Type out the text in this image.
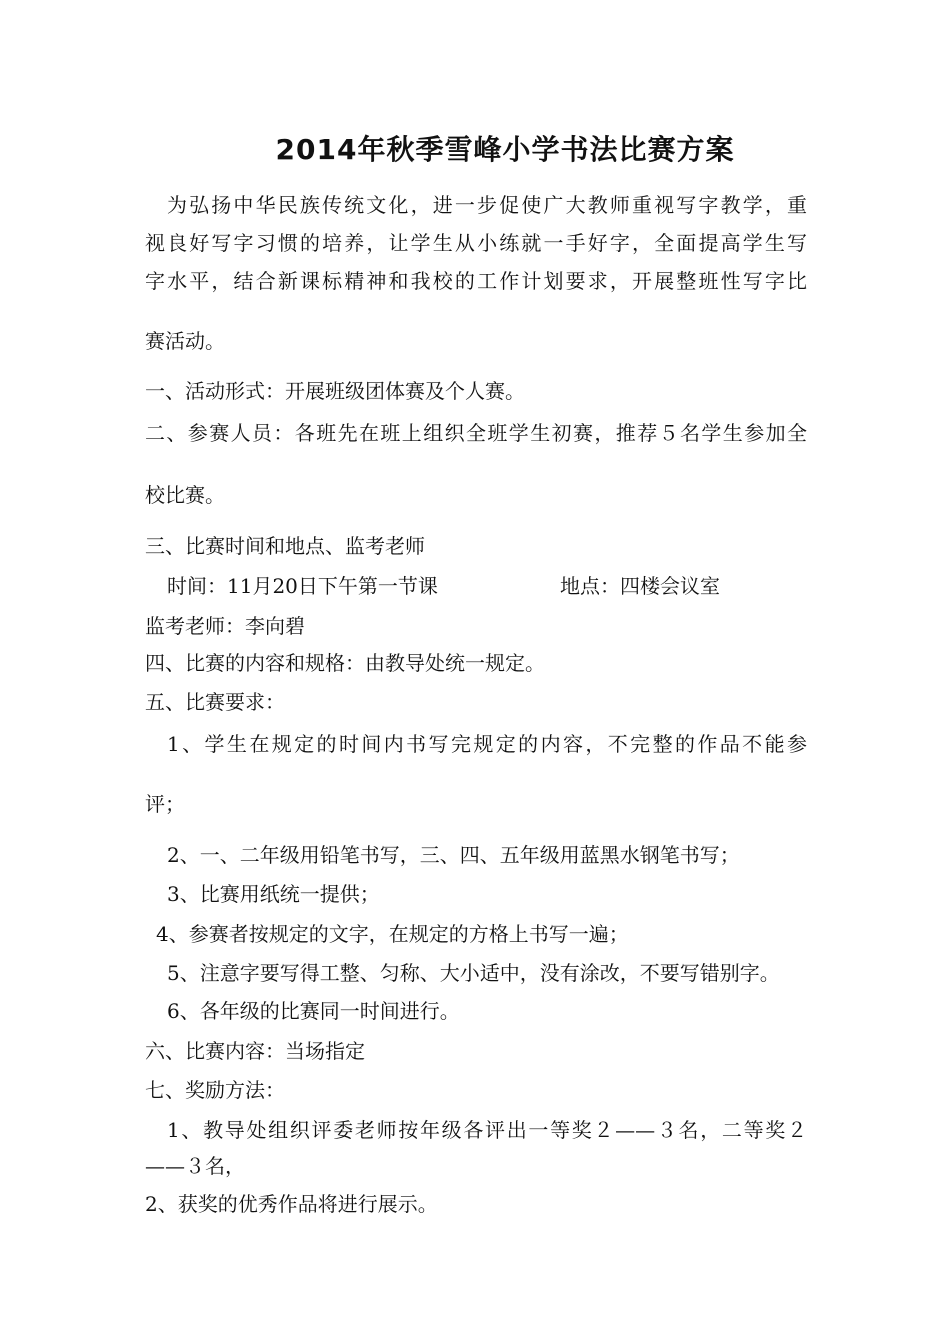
2014年秋季雪峰小学书法比赛方案

为弘扬中华民族传统文化，进一步促使广大教师重视写字教学，重

视良好写字习惯的培养，让学生从小练就一手好字，全面提高学生写

字水平，结合新课标精神和我校的工作计划要求，开展整班性写字比

赛活动。
一、活动形式：开展班级团体赛及个人赛。
二、参赛人员：各班先在班上组织全班学生初赛，推荐５名学生参加全
校比赛。
三、比赛时间和地点、监考老师
时间：11月20日下午第一节课	地点：四楼会议室
监考老师：李向碧
四、比赛的内容和规格：由教导处统一规定。
五、比赛要求：
1、学生在规定的时间内书写完规定的内容，不完整的作品不能参
评；
2、一、二年级用铅笔书写，三、四、五年级用蓝黑水钢笔书写；
3、比赛用纸统一提供；
4、参赛者按规定的文字，在规定的方格上书写一遍；
5、注意字要写得工整、匀称、大小适中，没有涂改，不要写错别字。
6、各年级的比赛同一时间进行。
六、比赛内容：当场指定
七、奖励方法：
1、教导处组织评委老师按年级各评出一等奖２——３名，二等奖２
——３名，
2、获奖的优秀作品将进行展示。
